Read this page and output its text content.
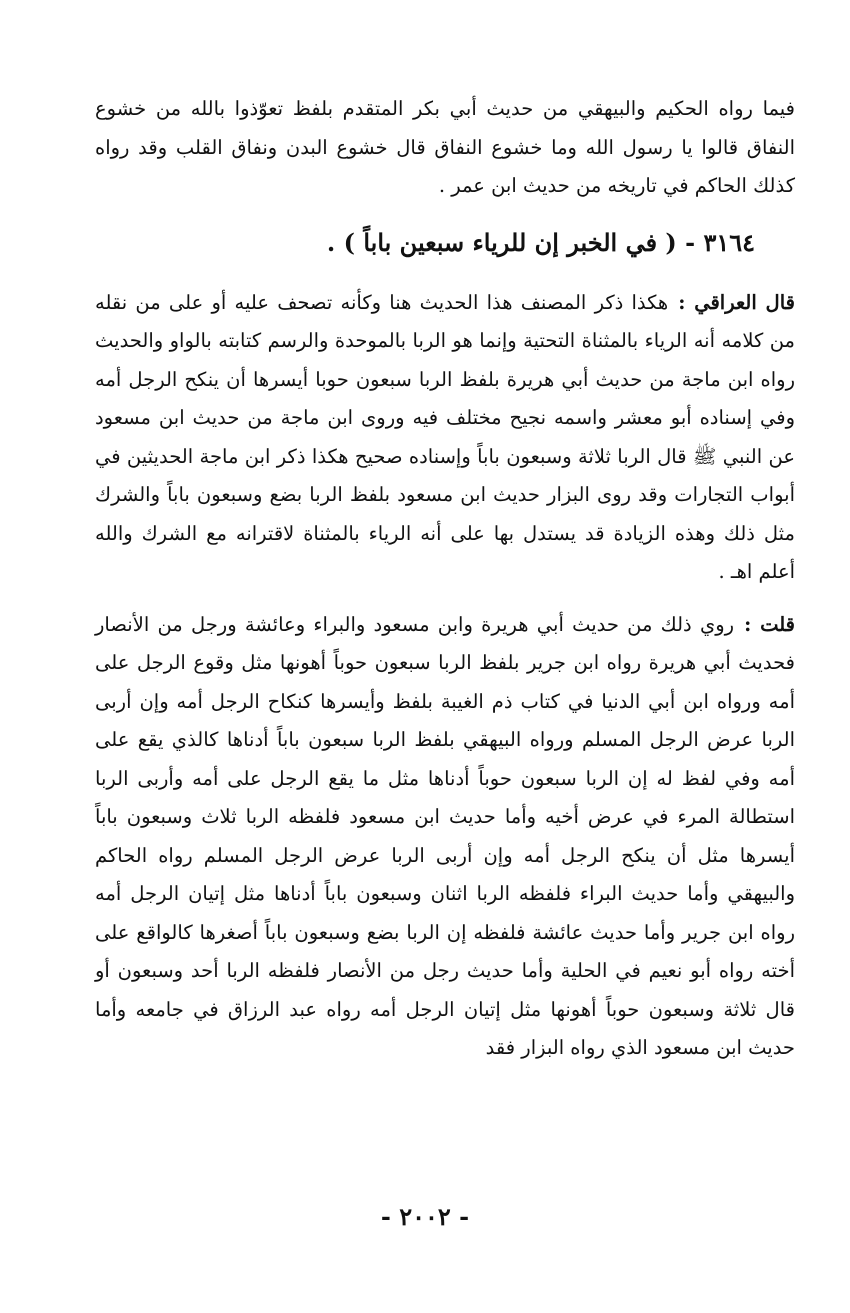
فيما رواه الحكيم والبيهقي من حديث أبي بكر المتقدم بلفظ تعوّذوا بالله من خشوع النفاق قالوا يا رسول الله وما خشوع النفاق قال خشوع البدن ونفاق القلب وقد رواه كذلك الحاكم في تاريخه من حديث ابن عمر .

٣١٦٤ - ( في الخبر إن للرياء سبعين باباً ) .

قال العراقي :هكذا ذكر المصنف هذا الحديث هنا وكأنه تصحف عليه أو على من نقله من كلامه أنه الرياء بالمثناة التحتية وإنما هو الربا بالموحدة والرسم كتابته بالواو والحديث رواه ابن ماجة من حديث أبي هريرة بلفظ الربا سبعون حوبا أيسرها أن ينكح الرجل أمه وفي إسناده أبو معشر واسمه نجيح مختلف فيه وروى ابن ماجة من حديث ابن مسعود عن النبي ﷺ قال الربا ثلاثة وسبعون باباً وإسناده صحيح هكذا ذكر ابن ماجة الحديثين في أبواب التجارات وقد روى البزار حديث ابن مسعود بلفظ الربا بضع وسبعون باباً والشرك مثل ذلك وهذه الزيادة قد يستدل بها على أنه الرياء بالمثناة لاقترانه مع الشرك والله أعلم اهـ .

قلت :روي ذلك من حديث أبي هريرة وابن مسعود والبراء وعائشة ورجل من الأنصار فحديث أبي هريرة رواه ابن جرير بلفظ الربا سبعون حوباً أهونها مثل وقوع الرجل على أمه ورواه ابن أبي الدنيا في كتاب ذم الغيبة بلفظ وأيسرها كنكاح الرجل أمه وإن أربى الربا عرض الرجل المسلم ورواه البيهقي بلفظ الربا سبعون باباً أدناها كالذي يقع على أمه وفي لفظ له إن الربا سبعون حوباً أدناها مثل ما يقع الرجل على أمه وأربى الربا استطالة المرء في عرض أخيه وأما حديث ابن مسعود فلفظه الربا ثلاث وسبعون باباً أيسرها مثل أن ينكح الرجل أمه وإن أربى الربا عرض الرجل المسلم رواه الحاكم والبيهقي وأما حديث البراء فلفظه الربا اثنان وسبعون باباً أدناها مثل إتيان الرجل أمه رواه ابن جرير وأما حديث عائشة فلفظه إن الربا بضع وسبعون باباً أصغرها كالواقع على أخته رواه أبو نعيم في الحلية وأما حديث رجل من الأنصار فلفظه الربا أحد وسبعون أو قال ثلاثة وسبعون حوباً أهونها مثل إتيان الرجل أمه رواه عبد الرزاق في جامعه وأما حديث ابن مسعود الذي رواه البزار فقد

- ٢٠٠٢ -
